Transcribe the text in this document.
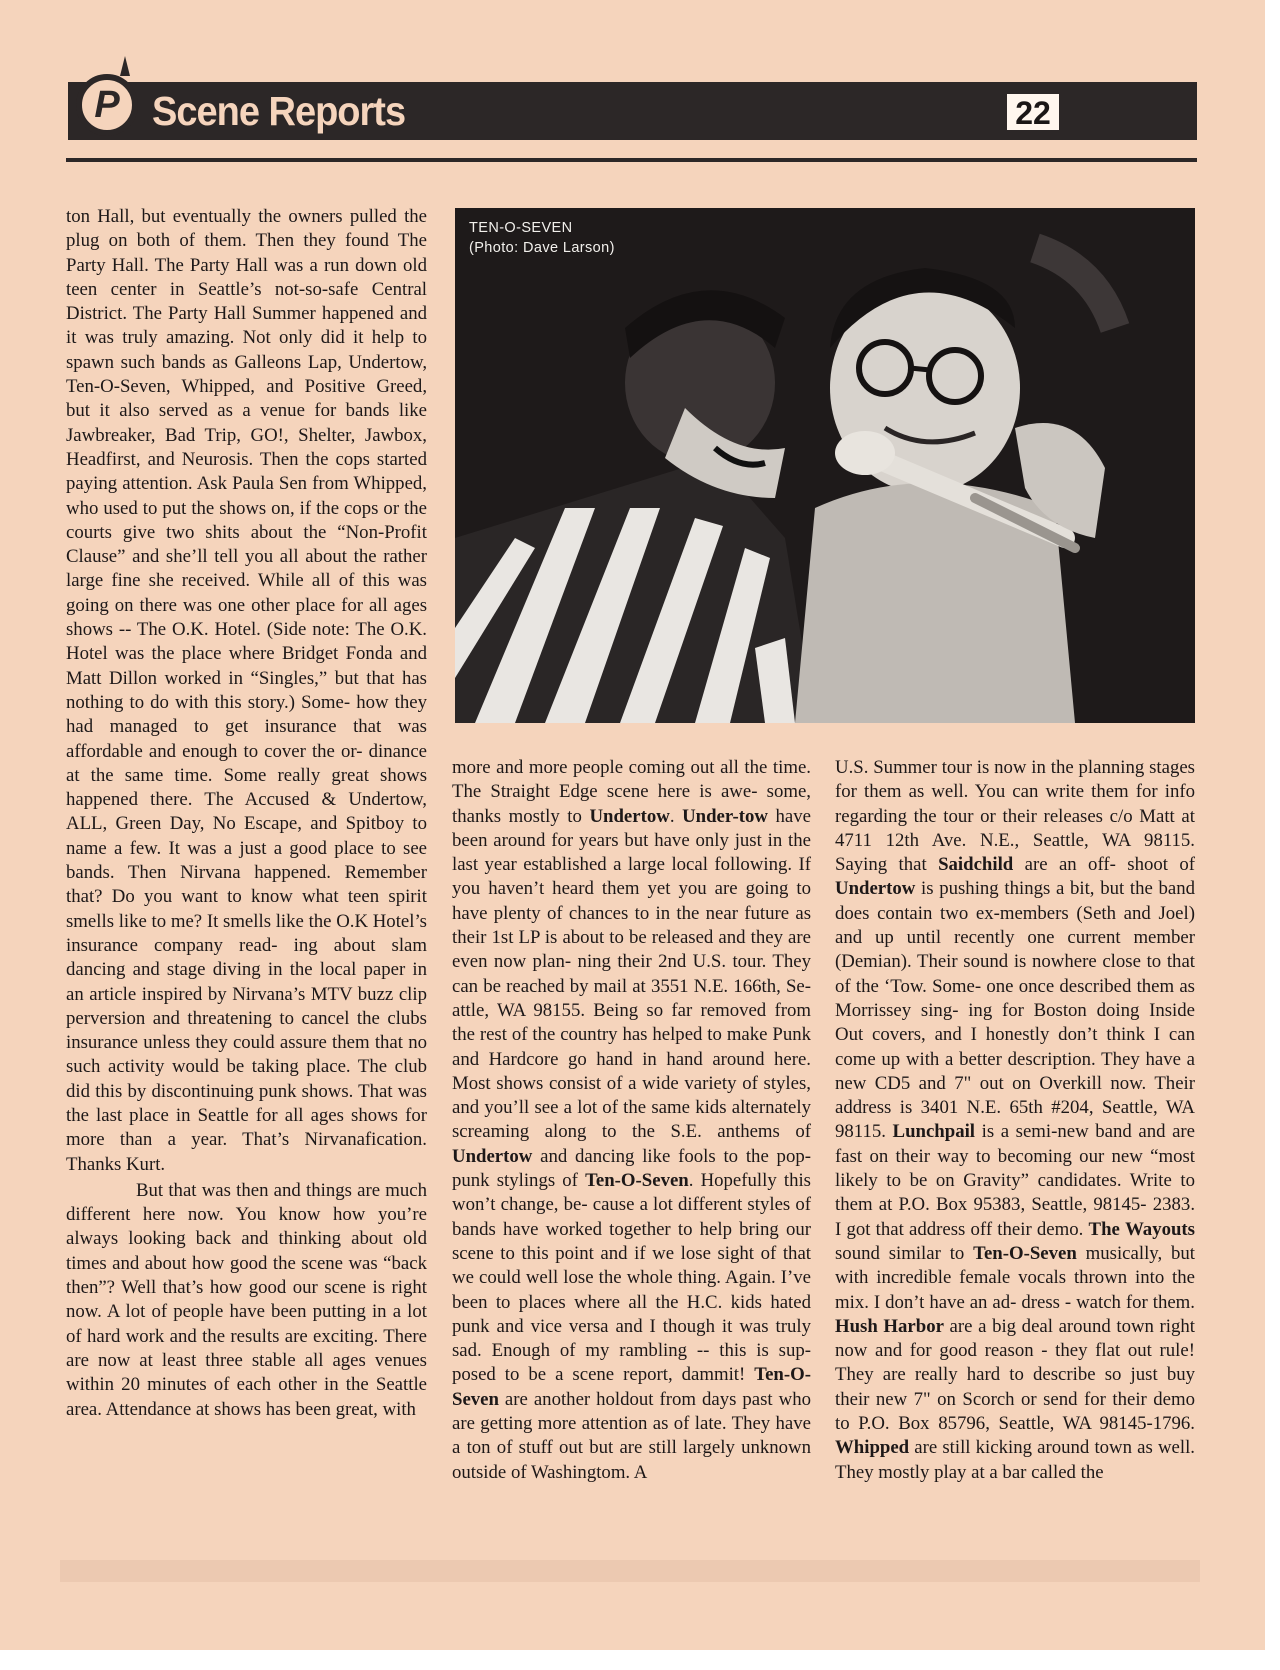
P Scene Reports	22

ton Hall, but eventually the owners pulled the plug on both of them. Then they found The Party Hall. The Party Hall was a run down old teen center in Seattle’s not-so-safe Central District. The Party Hall Summer happened and it was truly amazing. Not only did it help to spawn such bands as Galleons Lap, Undertow, Ten-O-Seven, Whipped, and Positive Greed, but it also served as a venue for bands like Jawbreaker, Bad Trip, GO!, Shelter, Jawbox, Headfirst, and Neurosis. Then the cops started paying attention. Ask Paula Sen from Whipped, who used to put the shows on, if the cops or the courts give two shits about the “Non-Profit Clause” and she’ll tell you all about the rather large fine she received. While all of this was going on there was one other place for all ages shows -- The O.K. Hotel. (Side note: The O.K. Hotel was the place where Bridget Fonda and Matt Dillon worked in “Singles,” but that has nothing to do with this story.) Some- how they had managed to get insurance that was affordable and enough to cover the or- dinance at the same time. Some really great shows happened there. The Accused & Undertow, ALL, Green Day, No Escape, and Spitboy to name a few. It was a just a good place to see bands. Then Nirvana happened. Remember that? Do you want to know what teen spirit smells like to me? It smells like the O.K Hotel’s insurance company read- ing about slam dancing and stage diving in the local paper in an article inspired by Nirvana’s MTV buzz clip perversion and threatening to cancel the clubs insurance unless they could assure them that no such activity would be taking place. The club did this by discontinuing punk shows. That was the last place in Seattle for all ages shows for more than a year. That’s Nirvanafication. Thanks Kurt.

But that was then and things are much different here now. You know how you’re always looking back and thinking about old times and about how good the scene was “back then”? Well that’s how good our scene is right now. A lot of people have been putting in a lot of hard work and the results are exciting. There are now at least three stable all ages venues within 20 minutes of each other in the Seattle area. Attendance at shows has been great, with

TEN-O-SEVEN
(Photo: Dave Larson)

more and more people coming out all the time. The Straight Edge scene here is awe- some, thanks mostly to Undertow. Under-tow have been around for years but have only just in the last year established a large local following. If you haven’t heard them yet you are going to have plenty of chances to in the near future as their 1st LP is about to be released and they are even now plan- ning their 2nd U.S. tour. They can be reached by mail at 3551 N.E. 166th, Se- attle, WA 98155. Being so far removed from the rest of the country has helped to make Punk and Hardcore go hand in hand around here. Most shows consist of a wide variety of styles, and you’ll see a lot of the same kids alternately screaming along to the S.E. anthems of Undertow and dancing like fools to the pop-punk stylings of Ten-O-Seven. Hopefully this won’t change, be- cause a lot different styles of bands have worked together to help bring our scene to this point and if we lose sight of that we could well lose the whole thing. Again. I’ve been to places where all the H.C. kids hated punk and vice versa and I though it was truly sad. Enough of my rambling -- this is sup- posed to be a scene report, dammit! Ten-O-Seven are another holdout from days past who are getting more attention as of late. They have a ton of stuff out but are still largely unknown outside of Washingtom. A

U.S. Summer tour is now in the planning stages for them as well. You can write them for info regarding the tour or their releases c/o Matt at 4711 12th Ave. N.E., Seattle, WA 98115. Saying that Saidchild are an off- shoot of Undertow is pushing things a bit, but the band does contain two ex-members (Seth and Joel) and up until recently one current member (Demian). Their sound is nowhere close to that of the ‘Tow. Some- one once described them as Morrissey sing- ing for Boston doing Inside Out covers, and I honestly don’t think I can come up with a better description. They have a new CD5 and 7" out on Overkill now. Their address is 3401 N.E. 65th #204, Seattle, WA 98115. Lunchpail is a semi-new band and are fast on their way to becoming our new “most likely to be on Gravity” candidates. Write to them at P.O. Box 95383, Seattle, 98145- 2383. I got that address off their demo. The Wayouts sound similar to Ten-O-Seven musically, but with incredible female vocals thrown into the mix. I don’t have an ad- dress - watch for them. Hush Harbor are a big deal around town right now and for good reason - they flat out rule! They are really hard to describe so just buy their new 7" on Scorch or send for their demo to P.O. Box 85796, Seattle, WA 98145-1796. Whipped are still kicking around town as well. They mostly play at a bar called the
